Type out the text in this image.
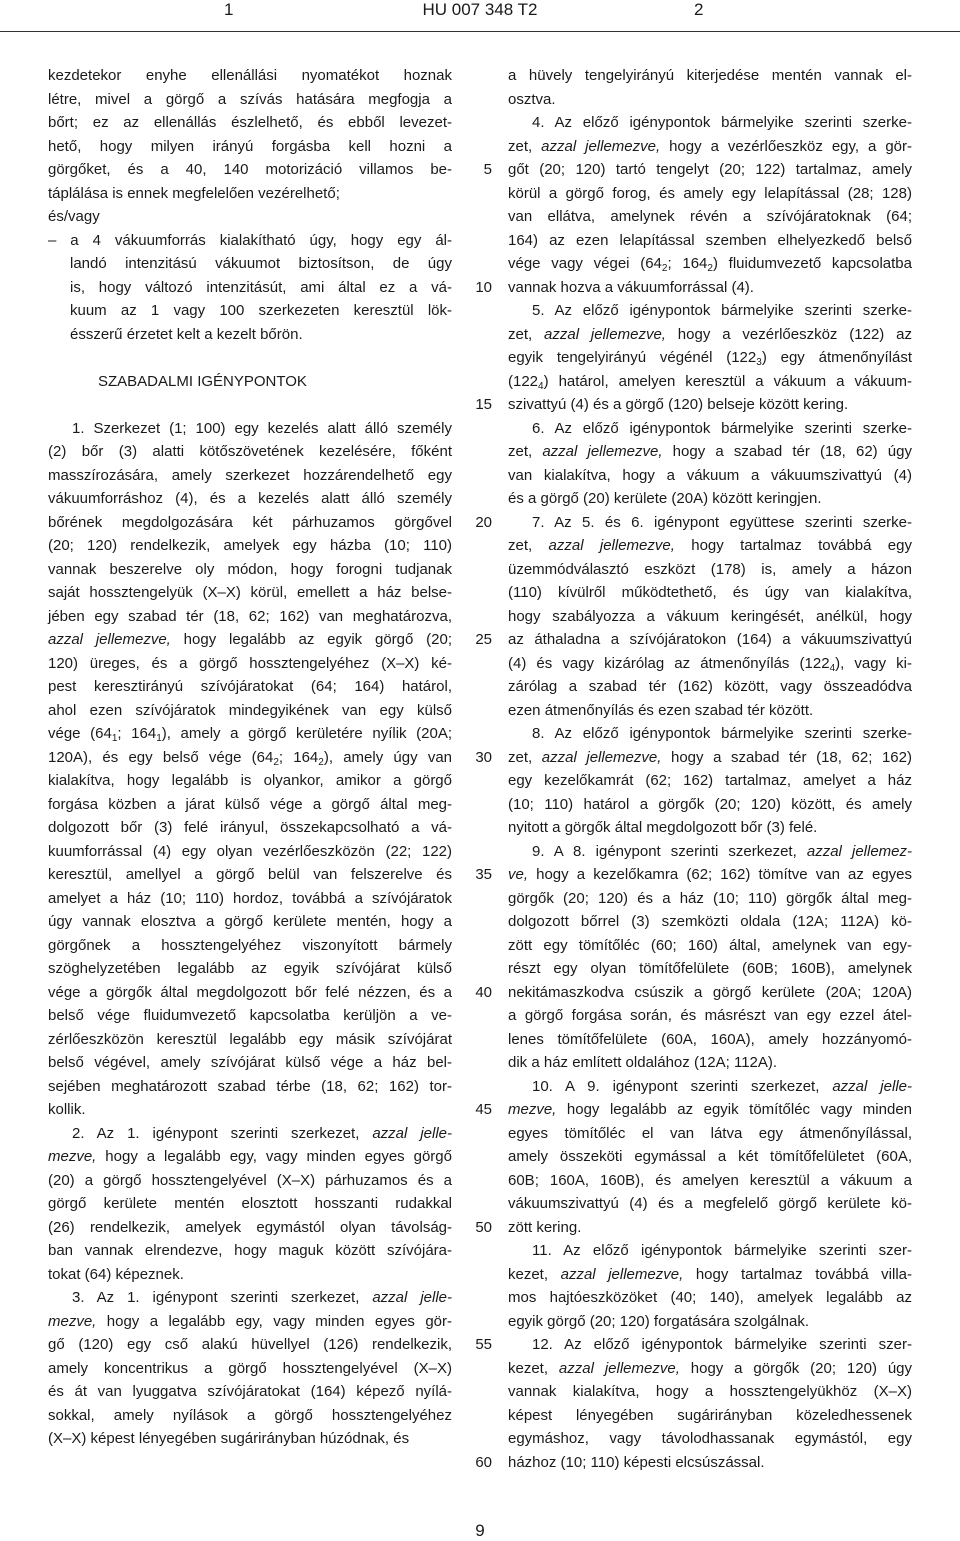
1	HU 007 348 T2	2
kezdetekor enyhe ellenállási nyomatékot hoznak
létre, mivel a görgő a szívás hatására megfogja a
bőrt; ez az ellenállás észlelhető, és ebből levezet-
hető, hogy milyen irányú forgásba kell hozni a
görgőket, és a 40, 140 motorizáció villamos be-
táplálása is ennek megfelelően vezérelhető;
és/vagy
– a 4 vákuumforrás kialakítható úgy, hogy egy ál-
landó intenzitású vákuumot biztosítson, de úgy
is, hogy változó intenzitásút, ami által ez a vá-
kuum az 1 vagy 100 szerkezeten keresztül lök-
ésszerű érzetet kelt a kezelt bőrön.
SZABADALMI IGÉNYPONTOK
1. Szerkezet (1; 100) egy kezelés alatt álló személy
(2) bőr (3) alatti kötőszövetének kezelésére, főként
masszírozására, amely szerkezet hozzárendelhető egy
vákuumforráshoz (4), és a kezelés alatt álló személy
bőrének megdolgozására két párhuzamos görgővel
(20; 120) rendelkezik, amelyek egy házba (10; 110)
vannak beszerelve oly módon, hogy forogni tudjanak
saját hossztengelyük (X–X) körül, emellett a ház belse-
jében egy szabad tér (18, 62; 162) van meghatározva,
azzal jellemezve, hogy legalább az egyik görgő (20;
120) üreges, és a görgő hossztengelyéhez (X–X) ké-
pest keresztirányú szívójáratokat (64; 164) határol,
ahol ezen szívójáratok mindegyikének van egy külső
vége ($64_1$; $164_1$), amely a görgő kerületére nyílik (20A;
120A), és egy belső vége ($64_2$; $164_2$), amely úgy van
kialakítva, hogy legalább is olyankor, amikor a görgő
forgása közben a járat külső vége a görgő által meg-
dolgozott bőr (3) felé irányul, összekapcsolható a vá-
kuumforrással (4) egy olyan vezérlőeszközön (22; 122)
keresztül, amellyel a görgő belül van felszerelve és
amelyet a ház (10; 110) hordoz, továbbá a szívójáratok
úgy vannak elosztva a görgő kerülete mentén, hogy a
görgőnek a hossztengelyéhez viszonyított bármely
szöghelyzetében legalább az egyik szívójárat külső
vége a görgők által megdolgozott bőr felé nézzen, és a
belső vége fluidumvezető kapcsolatba kerüljön a ve-
zérlőeszközön keresztül legalább egy másik szívójárat
belső végével, amely szívójárat külső vége a ház bel-
sejében meghatározott szabad térbe (18, 62; 162) tor-
kollik.
2. Az 1. igénypont szerinti szerkezet, azzal jelle-
mezve, hogy a legalább egy, vagy minden egyes görgő
(20) a görgő hossztengelyével (X–X) párhuzamos és a
görgő kerülete mentén elosztott hosszanti rudakkal
(26) rendelkezik, amelyek egymástól olyan távolság-
ban vannak elrendezve, hogy maguk között szívójára-
tokat (64) képeznek.
3. Az 1. igénypont szerinti szerkezet, azzal jelle-
mezve, hogy a legalább egy, vagy minden egyes gör-
gő (120) egy cső alakú hüvellyel (126) rendelkezik,
amely koncentrikus a görgő hossztengelyével (X–X)
és át van lyuggatva szívójáratokat (164) képező nyílá-
sokkal, amely nyílások a görgő hossztengelyéhez
(X–X) képest lényegében sugárirányban húzódnak, és
5
10
15
20
25
30
35
40
45
50
55
60
a hüvely tengelyirányú kiterjedése mentén vannak el-
osztva.
4. Az előző igénypontok bármelyike szerinti szerke-
zet, azzal jellemezve, hogy a vezérlőeszköz egy, a gör-
gőt (20; 120) tartó tengelyt (20; 122) tartalmaz, amely
körül a görgő forog, és amely egy lelapítással (28; 128)
van ellátva, amelynek révén a szívójáratoknak (64;
164) az ezen lelapítással szemben elhelyezkedő belső
vége vagy végei ($64_2$; $164_2$) fluidumvezető kapcsolatba
vannak hozva a vákuumforrással (4).
5. Az előző igénypontok bármelyike szerinti szerke-
zet, azzal jellemezve, hogy a vezérlőeszköz (122) az
egyik tengelyirányú végénél $(122_3)$ egy átmenőnyílást
$(122_4)$ határol, amelyen keresztül a vákuum a vákuum-
szivattyú (4) és a görgő (120) belseje között kering.
6. Az előző igénypontok bármelyike szerinti szerke-
zet, azzal jellemezve, hogy a szabad tér (18, 62) úgy
van kialakítva, hogy a vákuum a vákuumszivattyú (4)
és a görgő (20) kerülete (20A) között keringjen.
7. Az 5. és 6. igénypont együttese szerinti szerke-
zet, azzal jellemezve, hogy tartalmaz továbbá egy
üzemmódválasztó eszközt (178) is, amely a házon
(110) kívülről működtethető, és úgy van kialakítva,
hogy szabályozza a vákuum keringését, anélkül, hogy
az áthaladna a szívójáratokon (164) a vákuumszivattyú
(4) és vagy kizárólag az átmenőnyílás $(122_4)$, vagy ki-
zárólag a szabad tér (162) között, vagy összeadódva
ezen átmenőnyílás és ezen szabad tér között.
8. Az előző igénypontok bármelyike szerinti szerke-
zet, azzal jellemezve, hogy a szabad tér (18, 62; 162)
egy kezelőkamrát (62; 162) tartalmaz, amelyet a ház
(10; 110) határol a görgők (20; 120) között, és amely
nyitott a görgők által megdolgozott bőr (3) felé.
9. A 8. igénypont szerinti szerkezet, azzal jellemez-
ve, hogy a kezelőkamra (62; 162) tömítve van az egyes
görgők (20; 120) és a ház (10; 110) görgők által meg-
dolgozott bőrrel (3) szemközti oldala (12A; 112A) kö-
zött egy tömítőléc (60; 160) által, amelynek van egy-
részt egy olyan tömítőfelülete (60B; 160B), amelynek
nekitámaszkodva csúszik a görgő kerülete (20A; 120A)
a görgő forgása során, és másrészt van egy ezzel átel-
lenes tömítőfelülete (60A, 160A), amely hozzányomó-
dik a ház említett oldalához (12A; 112A).
10. A 9. igénypont szerinti szerkezet, azzal jelle-
mezve, hogy legalább az egyik tömítőléc vagy minden
egyes tömítőléc el van látva egy átmenőnyílással,
amely összeköti egymással a két tömítőfelületet (60A,
60B; 160A, 160B), és amelyen keresztül a vákuum a
vákuumszivattyú (4) és a megfelelő görgő kerülete kö-
zött kering.
11. Az előző igénypontok bármelyike szerinti szer-
kezet, azzal jellemezve, hogy tartalmaz továbbá villa-
mos hajtóeszközöket (40; 140), amelyek legalább az
egyik görgő (20; 120) forgatására szolgálnak.
12. Az előző igénypontok bármelyike szerinti szer-
kezet, azzal jellemezve, hogy a görgők (20; 120) úgy
vannak kialakítva, hogy a hossztengelyükhöz (X–X)
képest lényegében sugárirányban közeledhessenek
egymáshoz, vagy távolodhassanak egymástól, egy
házhoz (10; 110) képesti elcsúszással.
9
